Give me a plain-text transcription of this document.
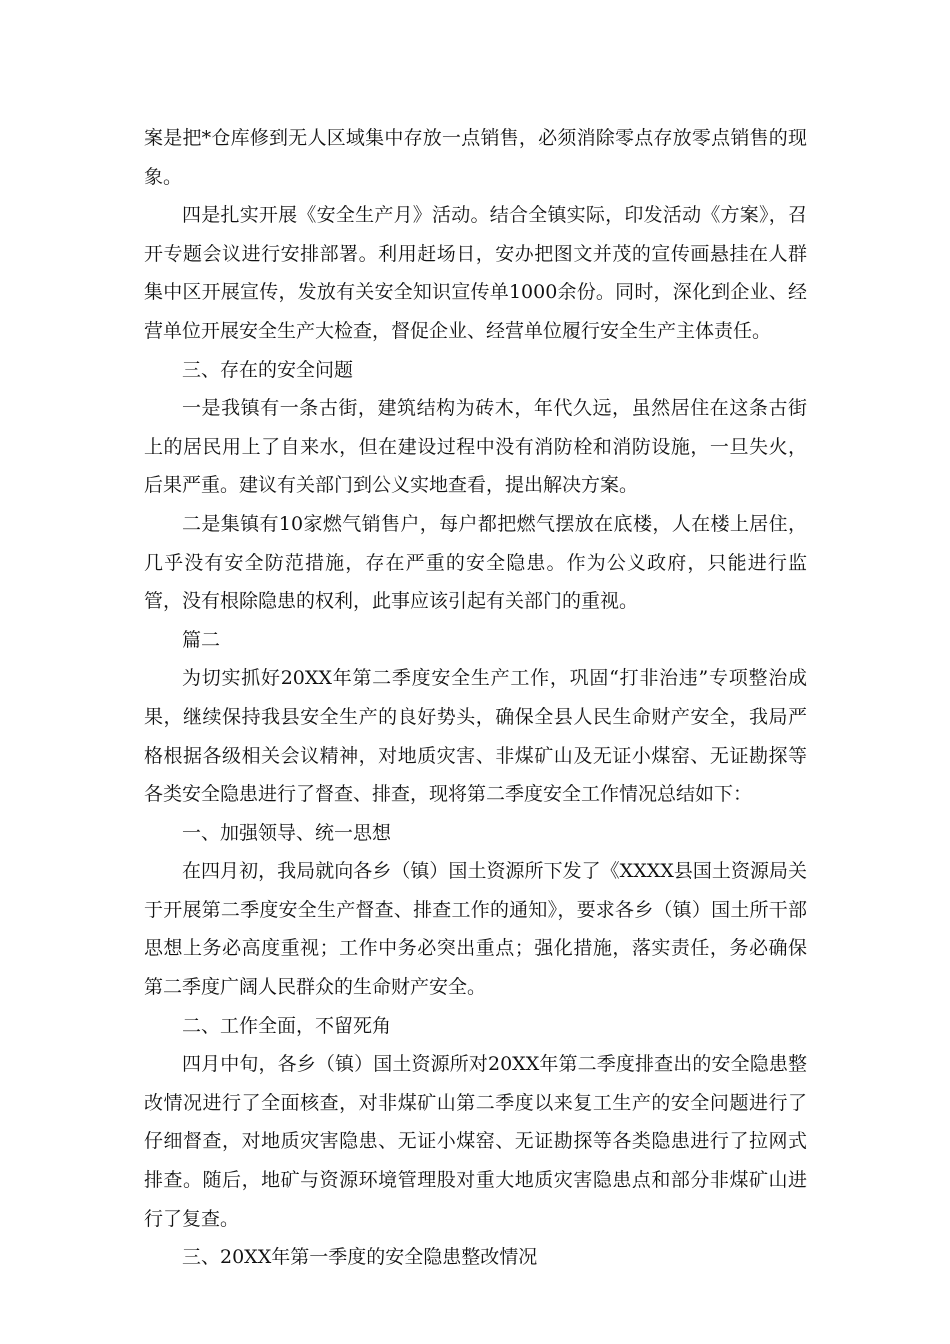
案是把*仓库修到无人区域集中存放一点销售，必须消除零点存放零点销售的现象。

四是扎实开展《安全生产月》活动。结合全镇实际，印发活动《方案》，召开专题会议进行安排部署。利用赶场日，安办把图文并茂的宣传画悬挂在人群集中区开展宣传，发放有关安全知识宣传单1000余份。同时，深化到企业、经营单位开展安全生产大检查，督促企业、经营单位履行安全生产主体责任。

三、存在的安全问题

一是我镇有一条古街，建筑结构为砖木，年代久远，虽然居住在这条古街上的居民用上了自来水，但在建设过程中没有消防栓和消防设施，一旦失火，后果严重。建议有关部门到公义实地查看，提出解决方案。

二是集镇有10家燃气销售户，每户都把燃气摆放在底楼，人在楼上居住，几乎没有安全防范措施，存在严重的安全隐患。作为公义政府，只能进行监管，没有根除隐患的权利，此事应该引起有关部门的重视。

篇二

为切实抓好20XX年第二季度安全生产工作，巩固“打非治违”专项整治成果，继续保持我县安全生产的良好势头，确保全县人民生命财产安全，我局严格根据各级相关会议精神，对地质灾害、非煤矿山及无证小煤窑、无证勘探等各类安全隐患进行了督查、排查，现将第二季度安全工作情况总结如下：

一、加强领导、统一思想

在四月初，我局就向各乡（镇）国土资源所下发了《XXXX县国土资源局关于开展第二季度安全生产督查、排查工作的通知》，要求各乡（镇）国土所干部思想上务必高度重视；工作中务必突出重点；强化措施，落实责任，务必确保第二季度广阔人民群众的生命财产安全。

二、工作全面，不留死角

四月中旬，各乡（镇）国土资源所对20XX年第二季度排查出的安全隐患整改情况进行了全面核查，对非煤矿山第二季度以来复工生产的安全问题进行了仔细督查，对地质灾害隐患、无证小煤窑、无证勘探等各类隐患进行了拉网式排查。随后，地矿与资源环境管理股对重大地质灾害隐患点和部分非煤矿山进行了复查。

三、20XX年第一季度的安全隐患整改情况
